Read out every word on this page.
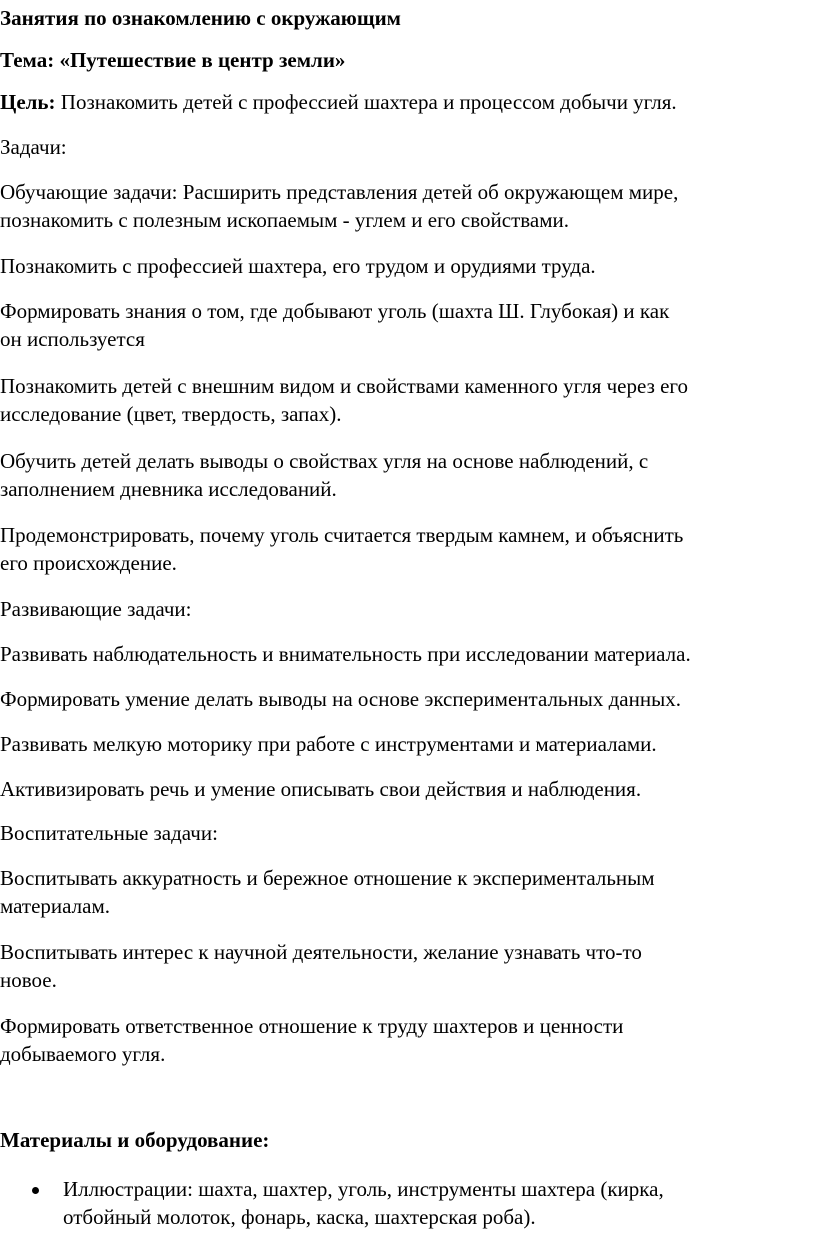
Занятия по ознакомлению с окружающим

Тема: «Путешествие в центр земли»

Цель: Познакомить детей с профессией шахтера и процессом добычи угля.

Задачи:

Обучающие задачи: Расширить представления детей об окружающем мире,

познакомить с полезным ископаемым - углем и его свойствами.

Познакомить с профессией шахтера, его трудом и орудиями труда.

Формировать знания о том, где добывают уголь (шахта Ш. Глубокая) и как

он используется

Познакомить детей с внешним видом и свойствами каменного угля через его

исследование (цвет, твердость, запах).

Обучить детей делать выводы о свойствах угля на основе наблюдений, с

заполнением дневника исследований.

Продемонстрировать, почему уголь считается твердым камнем, и объяснить

его происхождение.

Развивающие задачи:

Развивать наблюдательность и внимательность при исследовании материала.

Формировать умение делать выводы на основе экспериментальных данных.

Развивать мелкую моторику при работе с инструментами и материалами.

Активизировать речь и умение описывать свои действия и наблюдения.

Воспитательные задачи:

Воспитывать аккуратность и бережное отношение к экспериментальным

материалам.

Воспитывать интерес к научной деятельности, желание узнавать что-то

новое.

Формировать ответственное отношение к труду шахтеров и ценности

добываемого угля.

Материалы и оборудование:

Иллюстрации: шахта, шахтер, уголь, инструменты шахтера (кирка,

отбойный молоток, фонарь, каска, шахтерская роба).
